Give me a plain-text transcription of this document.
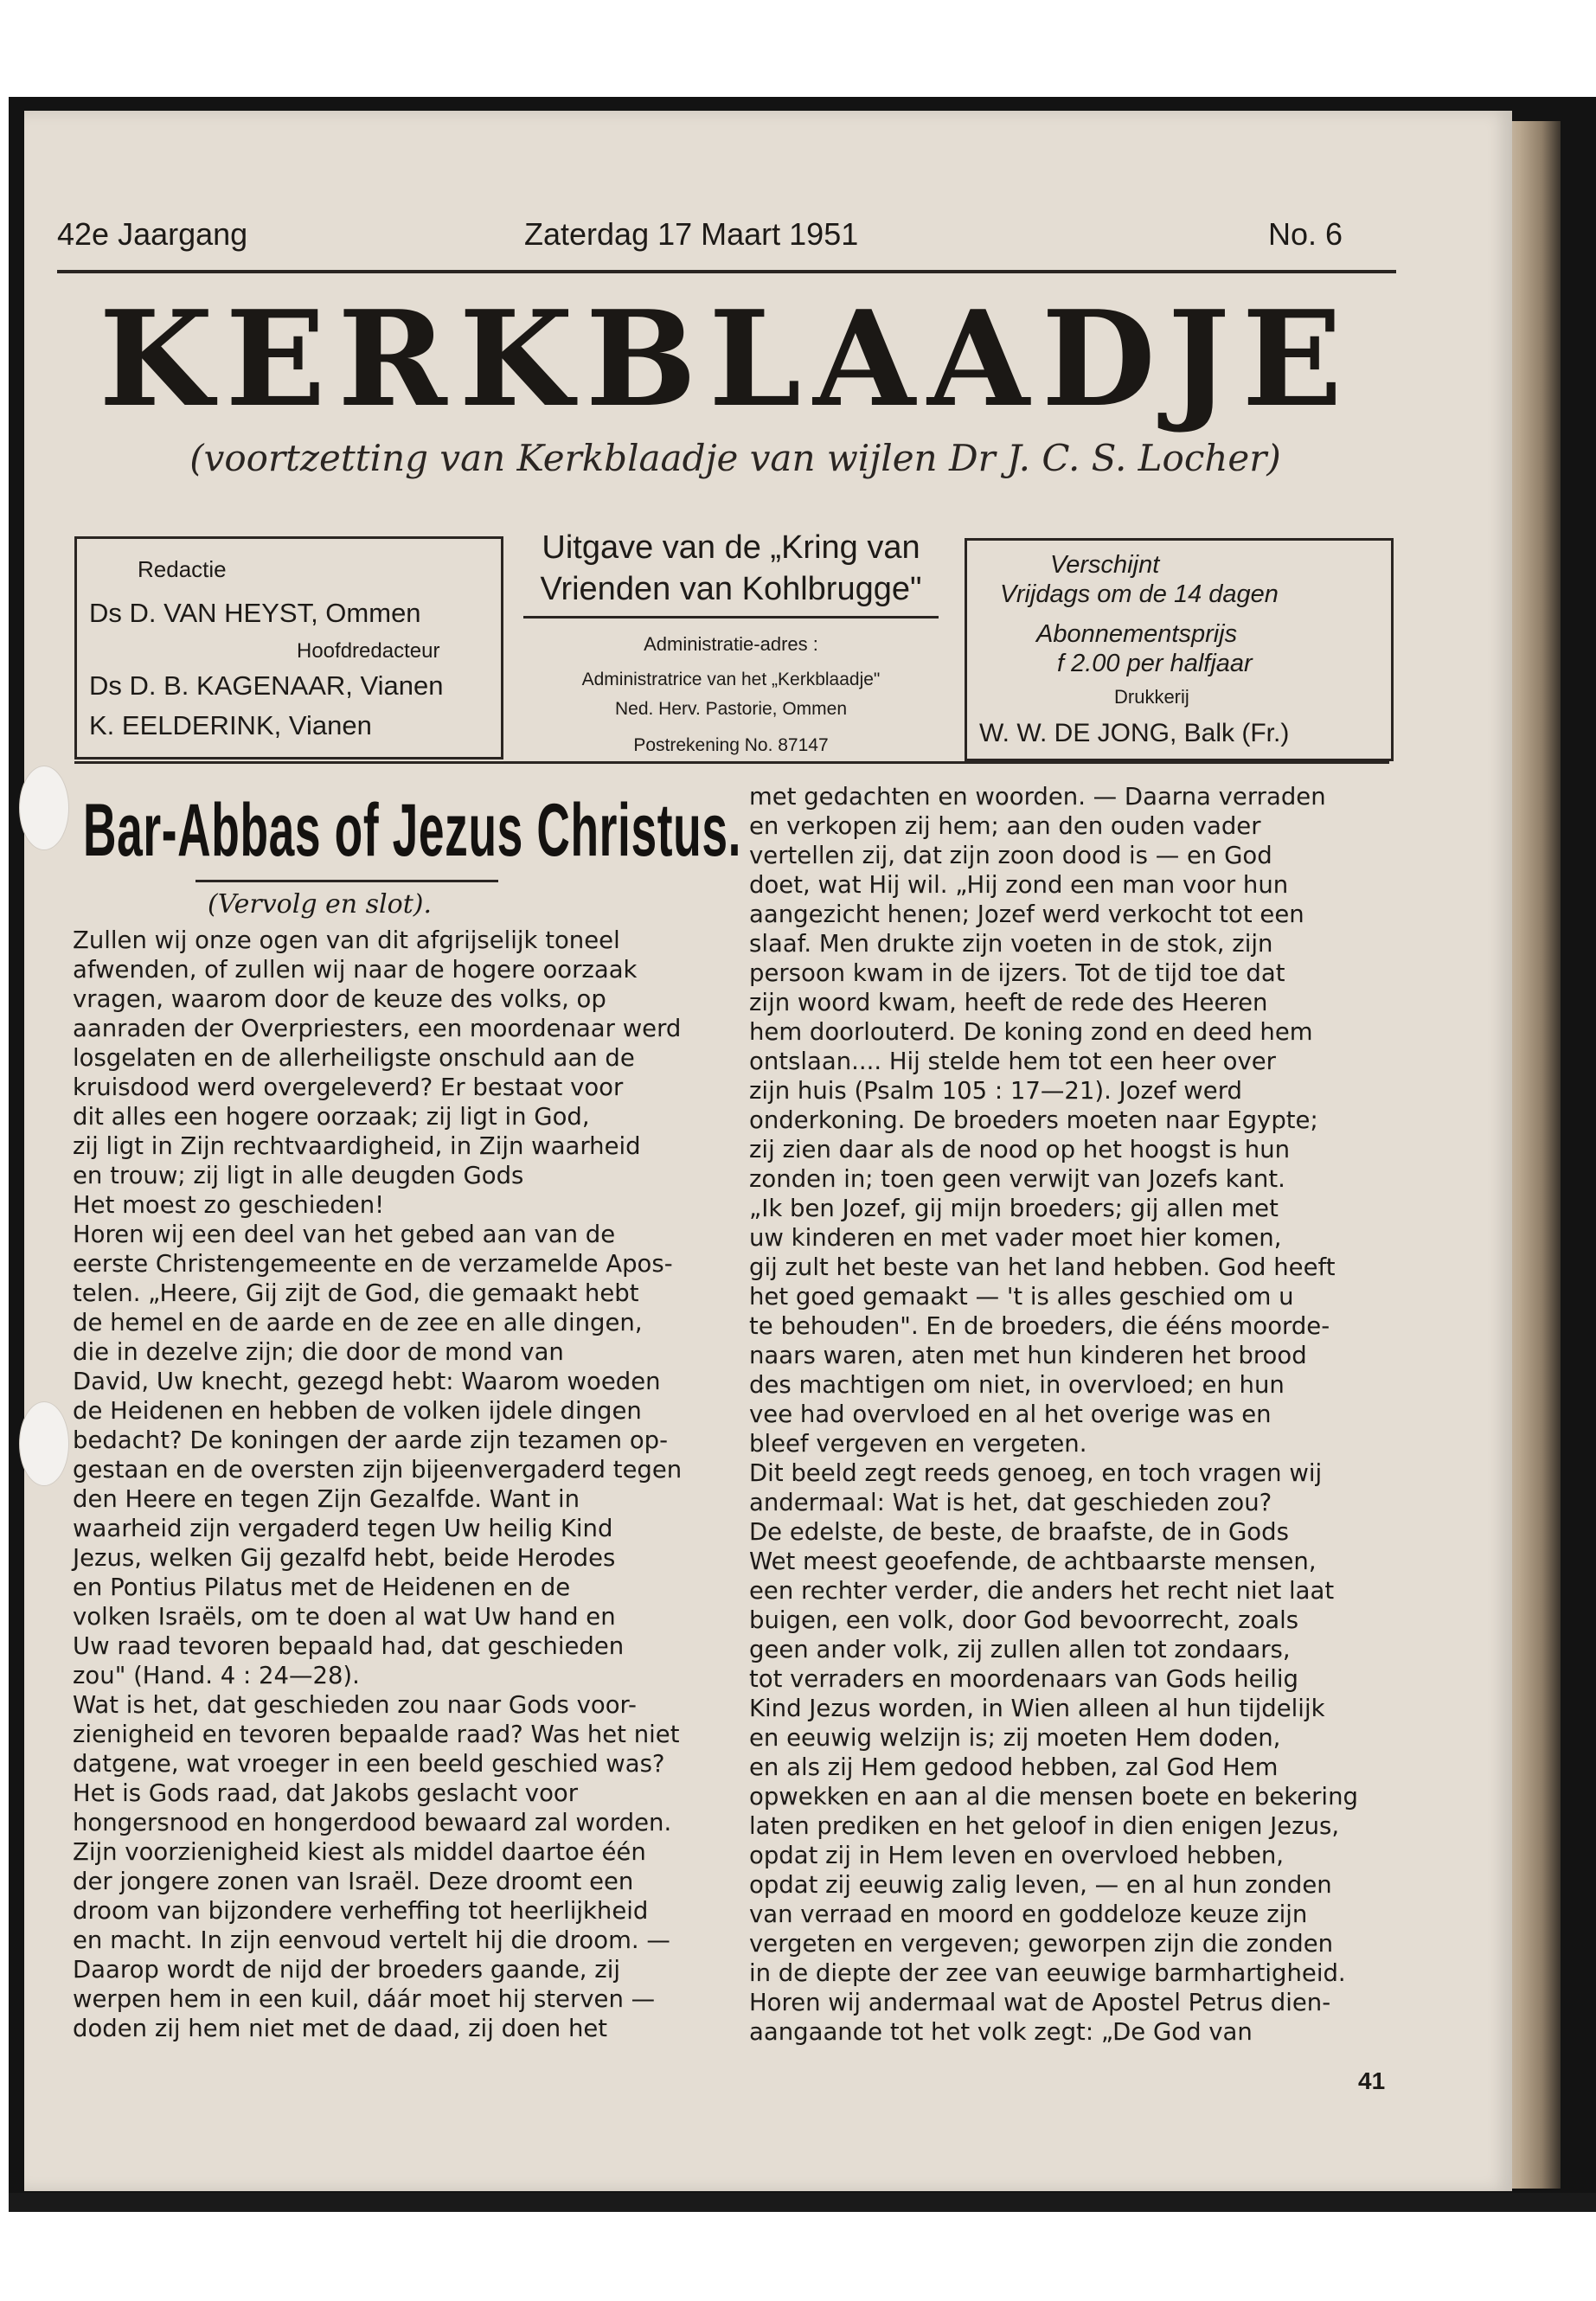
42e Jaargang	Zaterdag 17 Maart 1951	No. 6
KERKBLAADJE
(voortzetting van Kerkblaadje van wijlen Dr J. C. S. Locher)
Redactie
Ds D. VAN HEYST, Ommen
Hoofdredacteur
Ds D. B. KAGENAAR, Vianen
K. EELDERINK, Vianen
Uitgave van de „Kring van
Vrienden van Kohlbrugge"
Administratie-adres :
Administratrice van het „Kerkblaadje"
Ned. Herv. Pastorie, Ommen
Postrekening No. 87147
Verschijnt
Vrijdags om de 14 dagen
Abonnementsprijs
f 2.00 per halfjaar
Drukkerij
W. W. DE JONG, Balk (Fr.)
Bar-Abbas of Jezus Christus.
(Vervolg en slot).
Zullen wij onze ogen van dit afgrijselijk toneel
afwenden, of zullen wij naar de hogere oorzaak
vragen, waarom door de keuze des volks, op
aanraden der Overpriesters, een moordenaar werd
losgelaten en de allerheiligste onschuld aan de
kruisdood werd overgeleverd? Er bestaat voor
dit alles een hogere oorzaak; zij ligt in God,
zij ligt in Zijn rechtvaardigheid, in Zijn waarheid
en trouw; zij ligt in alle deugden Gods
Het moest zo geschieden!
Horen wij een deel van het gebed aan van de
eerste Christengemeente en de verzamelde Apos-
telen. „Heere, Gij zijt de God, die gemaakt hebt
de hemel en de aarde en de zee en alle dingen,
die in dezelve zijn; die door de mond van
David, Uw knecht, gezegd hebt: Waarom woeden
de Heidenen en hebben de volken ijdele dingen
bedacht? De koningen der aarde zijn tezamen op-
gestaan en de oversten zijn bijeenvergaderd tegen
den Heere en tegen Zijn Gezalfde. Want in
waarheid zijn vergaderd tegen Uw heilig Kind
Jezus, welken Gij gezalfd hebt, beide Herodes
en Pontius Pilatus met de Heidenen en de
volken Israëls, om te doen al wat Uw hand en
Uw raad tevoren bepaald had, dat geschieden
zou" (Hand. 4 : 24—28).
Wat is het, dat geschieden zou naar Gods voor-
zienigheid en tevoren bepaalde raad? Was het niet
datgene, wat vroeger in een beeld geschied was?
Het is Gods raad, dat Jakobs geslacht voor
hongersnood en hongerdood bewaard zal worden.
Zijn voorzienigheid kiest als middel daartoe één
der jongere zonen van Israël. Deze droomt een
droom van bijzondere verheffing tot heerlijkheid
en macht. In zijn eenvoud vertelt hij die droom. —
Daarop wordt de nijd der broeders gaande, zij
werpen hem in een kuil, dáár moet hij sterven —
doden zij hem niet met de daad, zij doen het
met gedachten en woorden. — Daarna verraden
en verkopen zij hem; aan den ouden vader
vertellen zij, dat zijn zoon dood is — en God
doet, wat Hij wil. „Hij zond een man voor hun
aangezicht henen; Jozef werd verkocht tot een
slaaf. Men drukte zijn voeten in de stok, zijn
persoon kwam in de ijzers. Tot de tijd toe dat
zijn woord kwam, heeft de rede des Heeren
hem doorlouterd. De koning zond en deed hem
ontslaan.... Hij stelde hem tot een heer over
zijn huis (Psalm 105 : 17—21). Jozef werd
onderkoning. De broeders moeten naar Egypte;
zij zien daar als de nood op het hoogst is hun
zonden in; toen geen verwijt van Jozefs kant.
„Ik ben Jozef, gij mijn broeders; gij allen met
uw kinderen en met vader moet hier komen,
gij zult het beste van het land hebben. God heeft
het goed gemaakt — 't is alles geschied om u
te behouden". En de broeders, die ééns moorde-
naars waren, aten met hun kinderen het brood
des machtigen om niet, in overvloed; en hun
vee had overvloed en al het overige was en
bleef vergeven en vergeten.
Dit beeld zegt reeds genoeg, en toch vragen wij
andermaal: Wat is het, dat geschieden zou?
De edelste, de beste, de braafste, de in Gods
Wet meest geoefende, de achtbaarste mensen,
een rechter verder, die anders het recht niet laat
buigen, een volk, door God bevoorrecht, zoals
geen ander volk, zij zullen allen tot zondaars,
tot verraders en moordenaars van Gods heilig
Kind Jezus worden, in Wien alleen al hun tijdelijk
en eeuwig welzijn is; zij moeten Hem doden,
en als zij Hem gedood hebben, zal God Hem
opwekken en aan al die mensen boete en bekering
laten prediken en het geloof in dien enigen Jezus,
opdat zij in Hem leven en overvloed hebben,
opdat zij eeuwig zalig leven, — en al hun zonden
van verraad en moord en goddeloze keuze zijn
vergeten en vergeven; geworpen zijn die zonden
in de diepte der zee van eeuwige barmhartigheid.
Horen wij andermaal wat de Apostel Petrus dien-
aangaande tot het volk zegt: „De God van
41
